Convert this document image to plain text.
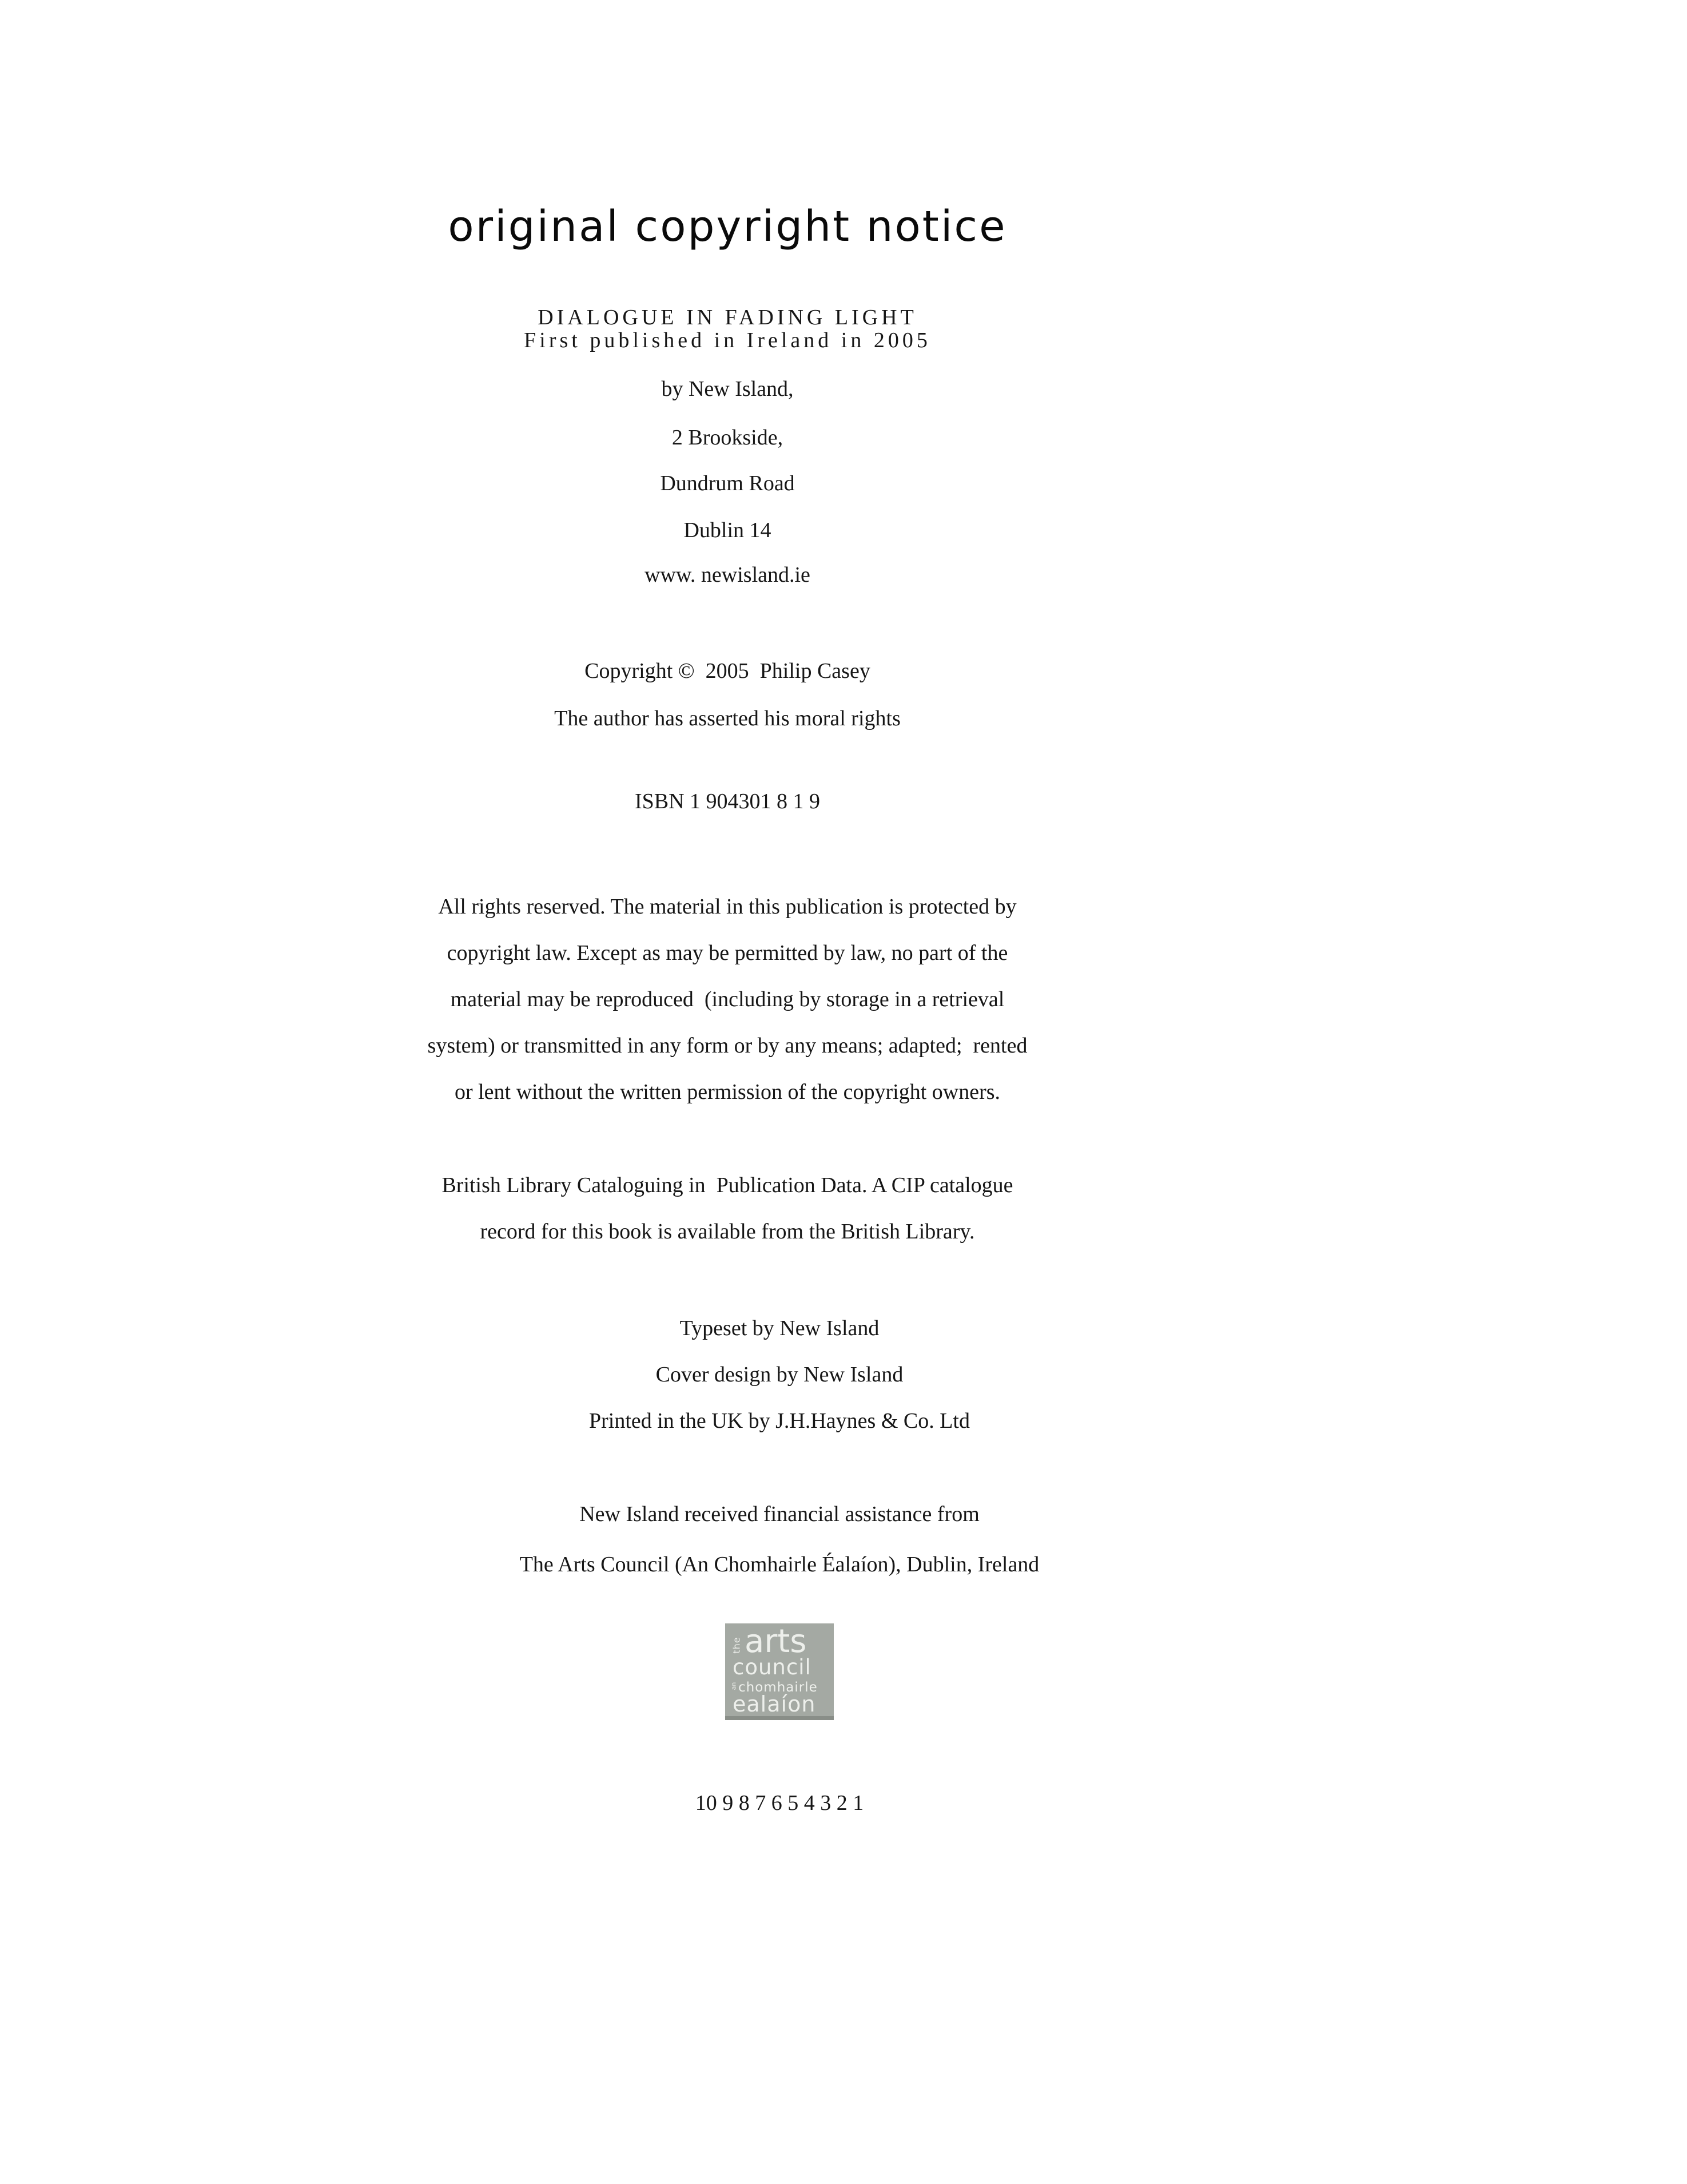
original copyright notice
DIALOGUE IN FADING LIGHT
First published in Ireland in 2005
by New Island,
2 Brookside,
Dundrum Road
Dublin 14
www. newisland.ie
Copyright ©  2005  Philip Casey
The author has asserted his moral rights
ISBN 1 904301 8 1 9
All rights reserved. The material in this publication is protected by
copyright law. Except as may be permitted by law, no part of the
material may be reproduced  (including by storage in a retrieval
system) or transmitted in any form or by any means; adapted;  rented
or lent without the written permission of the copyright owners.
British Library Cataloguing in  Publication Data. A CIP catalogue
record for this book is available from the British Library.
Typeset by New Island
Cover design by New Island
Printed in the UK by J.H.Haynes & Co. Ltd
New Island received financial assistance from
The Arts Council (An Chomhairle Éalaíon), Dublin, Ireland
the arts
council
an chomhairle
ealaíon
10 9 8 7 6 5 4 3 2 1
